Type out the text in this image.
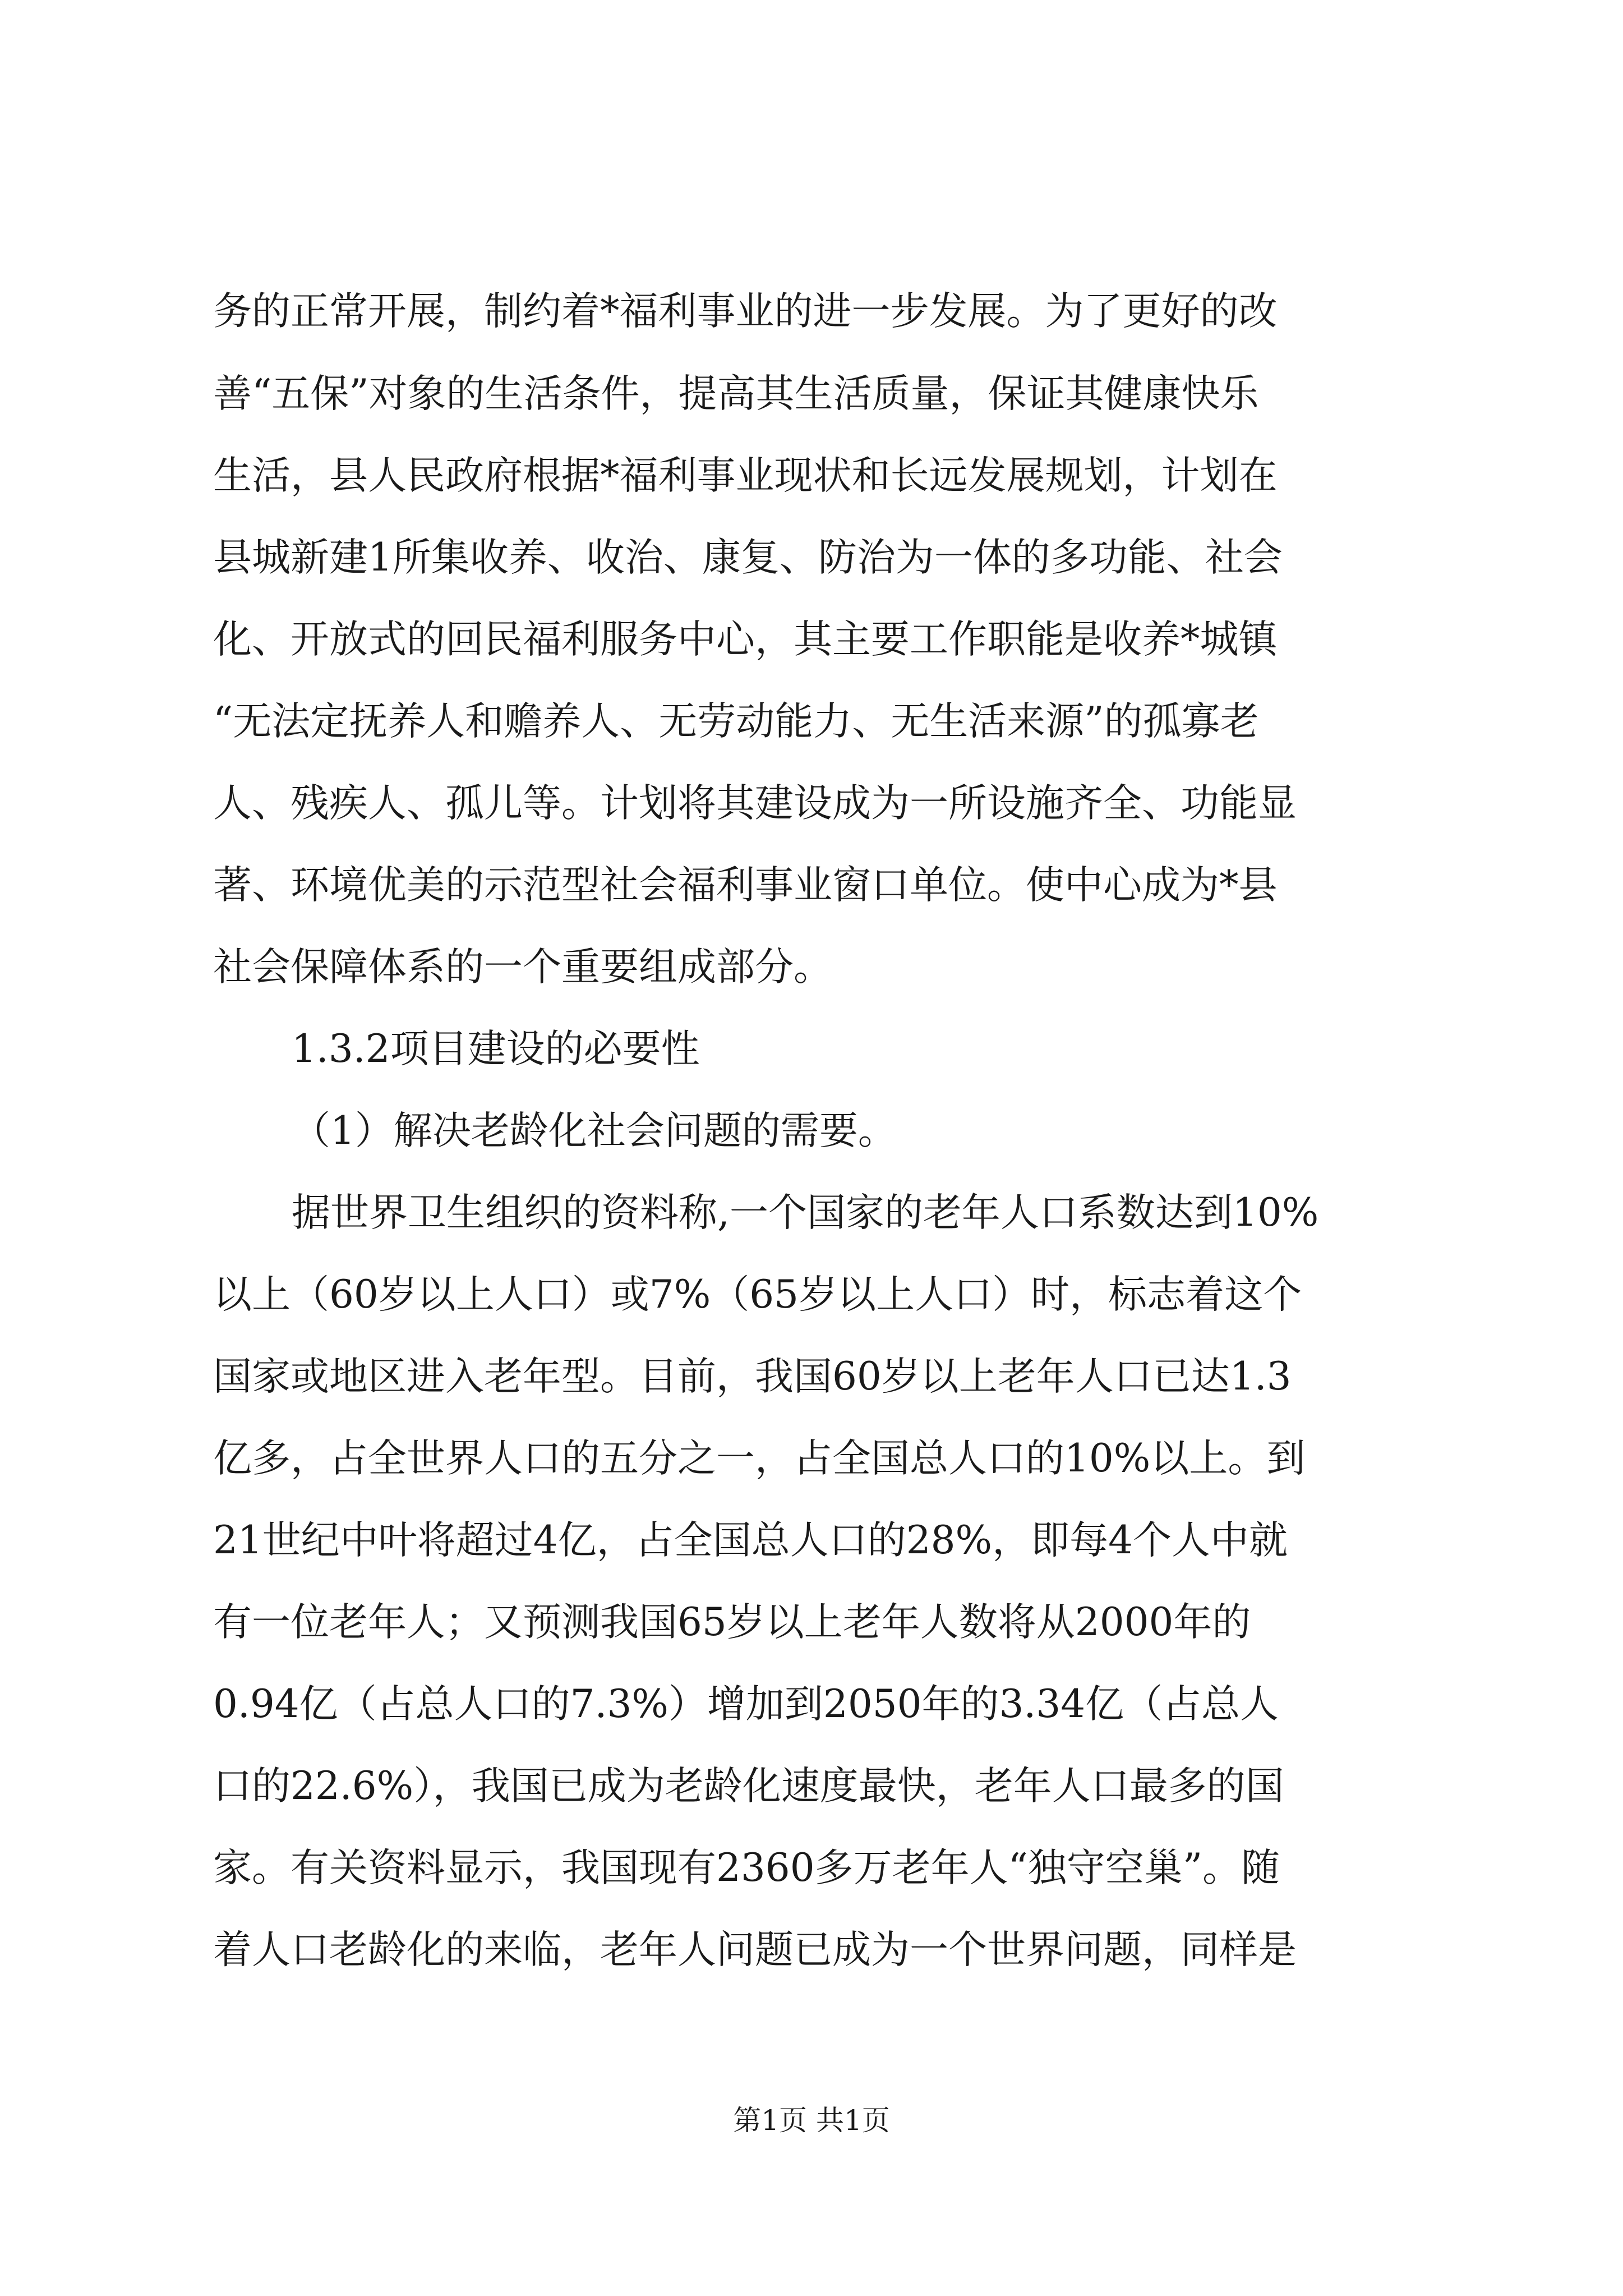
务的正常开展，制约着*福利事业的进一步发展。为了更好的改
善“五保”对象的生活条件，提高其生活质量，保证其健康快乐
生活，县人民政府根据*福利事业现状和长远发展规划，计划在
县城新建1所集收养、收治、康复、防治为一体的多功能、社会
化、开放式的回民福利服务中心，其主要工作职能是收养*城镇
“无法定抚养人和赡养人、无劳动能力、无生活来源”的孤寡老
人、残疾人、孤儿等。计划将其建设成为一所设施齐全、功能显
著、环境优美的示范型社会福利事业窗口单位。使中心成为*县
社会保障体系的一个重要组成部分。
1.3.2项目建设的必要性
（1）解决老龄化社会问题的需要。
据世界卫生组织的资料称,一个国家的老年人口系数达到10%
以上（60岁以上人口）或7%（65岁以上人口）时，标志着这个
国家或地区进入老年型。目前，我国60岁以上老年人口已达1.3
亿多，占全世界人口的五分之一，占全国总人口的10%以上。到
21世纪中叶将超过4亿，占全国总人口的28%，即每4个人中就
有一位老年人；又预测我国65岁以上老年人数将从2000年的
0.94亿（占总人口的7.3%）增加到2050年的3.34亿（占总人
口的22.6%），我国已成为老龄化速度最快，老年人口最多的国
家。有关资料显示，我国现有2360多万老年人“独守空巢”。随
着人口老龄化的来临，老年人问题已成为一个世界问题，同样是
第1页 共1页
